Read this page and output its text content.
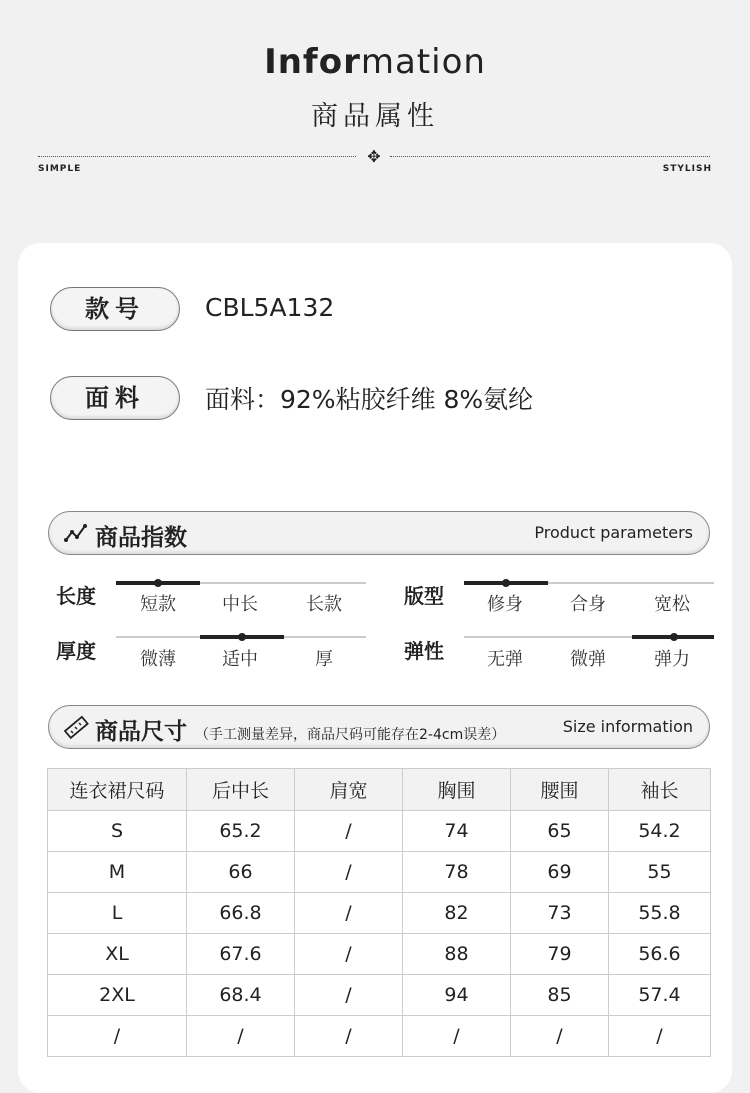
Information
商品属性
✥
SIMPLE	STYLISH
款号	CBL5A132
面料	面料：92%粘胶纤维 8%氨纶
商品指数	Product parameters
长度	短款	中长	长款	版型	修身	合身	宽松
厚度	微薄	适中	厚	弹性	无弹	微弹	弹力
商品尺寸 （手工测量差异，商品尺码可能存在2-4cm误差）	Size information
连衣裙尺码	后中长	肩宽	胸围	腰围	袖长
S	65.2	/	74	65	54.2
M	66	/	78	69	55
L	66.8	/	82	73	55.8
XL	67.6	/	88	79	56.6
2XL	68.4	/	94	85	57.4
/	/	/	/	/	/
